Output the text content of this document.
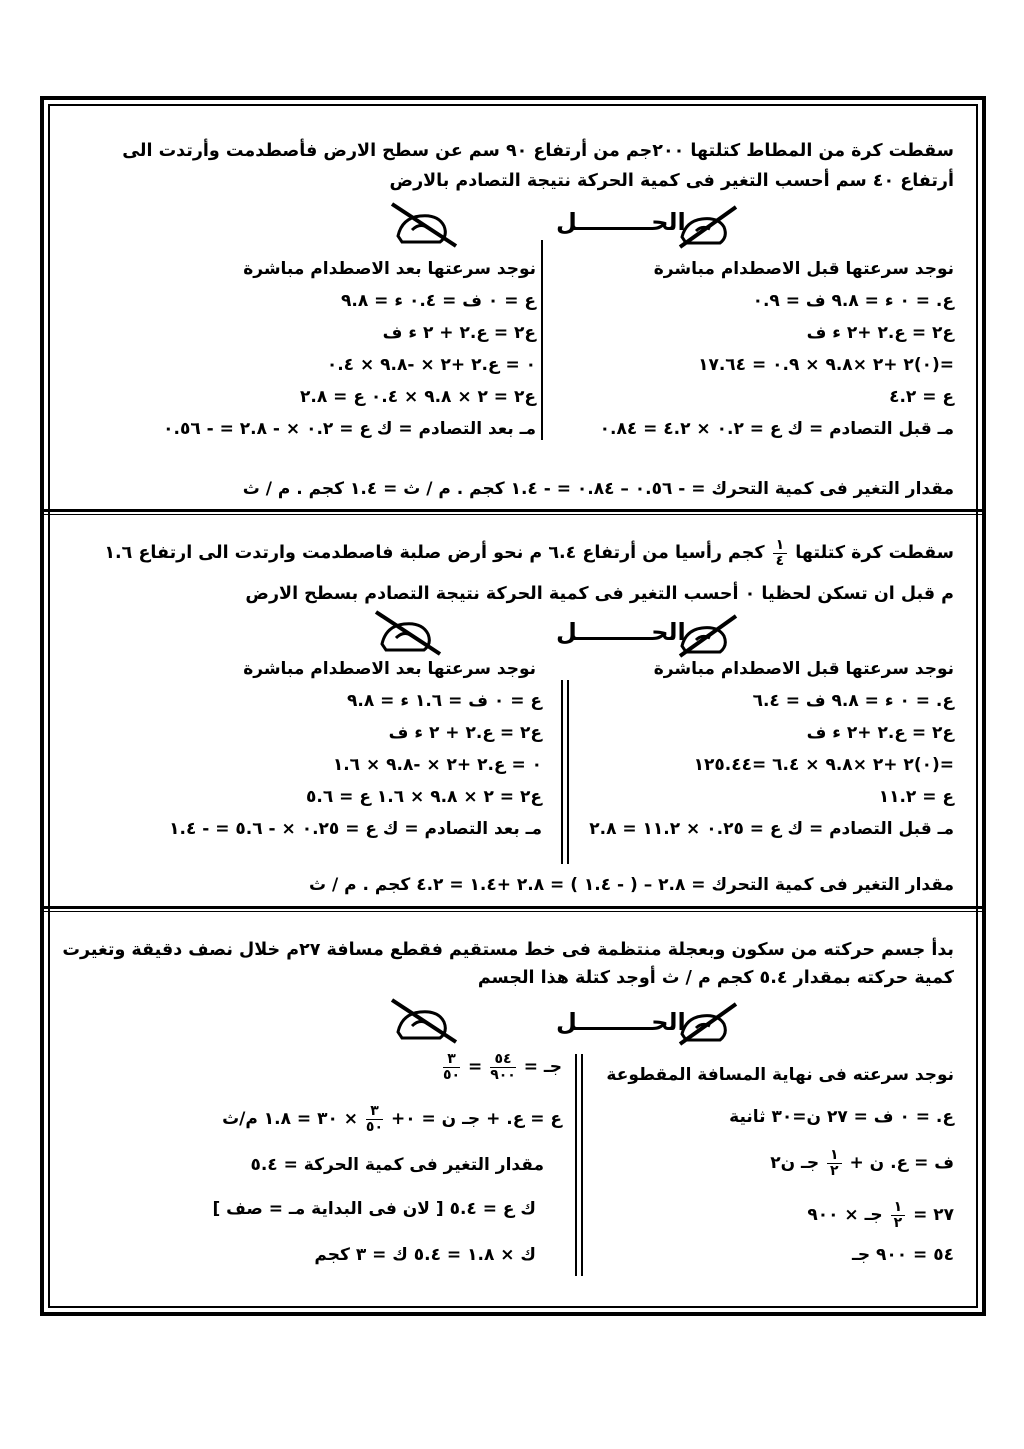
سقطت كرة من المطاط كتلتها ٢٠٠جم من أرتفاع ٩٠ سم عن سطح الارض فأصطدمت وأرتدت الى
أرتفاع ٤٠ سم أحسب التغير فى كمية الحركة نتيجة التصادم بالارض
الحـــــــــل
نوجد سرعتها قبل الاصطدام مباشرة
ع. = ٠ ء = ٩.٨ ف = ٠.٩
ع٢ = ع.٢ +٢ ء ف
=(٠)٢ +٢ ×٩.٨ × ٠.٩ = ١٧.٦٤
ع = ٤.٢
مـ قبل التصادم = ك ع = ٠.٢ × ٤.٢ = ٠.٨٤
نوجد سرعتها بعد الاصطدام مباشرة
ع = ٠ ف = ٠.٤ ء = ٩.٨
ع٢ = ع.٢ + ٢ ء ف
٠ = ع.٢ +٢ × -٩.٨ × ٠.٤
ع٢ = ٢ × ٩.٨ × ٠.٤ ع = ٢.٨
مـ بعد التصادم = ك ع = ٠.٢ × - ٢.٨ = - ٠.٥٦
مقدار التغير فى كمية التحرك = - ٠.٥٦ – ٠.٨٤ = - ١.٤ كجم . م / ث = ١.٤ كجم . م / ث
سقطت كرة كتلتها
$\frac{١}{٤}$
كجم رأسيا من أرتفاع ٦.٤ م نحو أرض صلبة فاصطدمت وارتدت الى ارتفاع ١.٦
م قبل ان تسكن لحظيا ٠ أحسب التغير فى كمية الحركة نتيجة التصادم بسطح الارض
الحـــــــــل
نوجد سرعتها قبل الاصطدام مباشرة
ع. = ٠ ء = ٩.٨ ف = ٦.٤
ع٢ = ع.٢ +٢ ء ف
=(٠)٢ +٢ ×٩.٨ × ٦.٤ =١٢٥.٤٤
ع = ١١.٢
مـ قبل التصادم = ك ع = ٠.٢٥ × ١١.٢ = ٢.٨
نوجد سرعتها بعد الاصطدام مباشرة
ع = ٠ ف = ١.٦ ء = ٩.٨
ع٢ = ع.٢ + ٢ ء ف
٠ = ع.٢ +٢ × -٩.٨ × ١.٦
ع٢ = ٢ × ٩.٨ × ١.٦ ع = ٥.٦
مـ بعد التصادم = ك ع = ٠.٢٥ × - ٥.٦ = - ١.٤
مقدار التغير فى كمية التحرك = ٢.٨ – ( - ١.٤ ) = ٢.٨ +١.٤ = ٤.٢ كجم . م / ث
بدأ جسم حركته من سكون وبعجلة منتظمة فى خط مستقيم فقطع مسافة ٢٧م خلال نصف دقيقة وتغيرت
كمية حركته بمقدار ٥.٤ كجم م / ث أوجد كتلة هذا الجسم
الحـــــــــل
نوجد سرعته فى نهاية المسافة المقطوعة
ع. = ٠ ف = ٢٧ ن=٣٠ ثانية
ف = ع. ن +
$\frac{١}{٢}$
جـ ن٢
٢٧ =
$\frac{١}{٢}$
جـ × ٩٠٠
٥٤ = ٩٠٠ جـ
جـ =
$\frac{٥٤}{٩٠٠}$
=
$\frac{٣}{٥٠}$
ع = ع. + جـ ن = ٠+
$\frac{٣}{٥٠}$
× ٣٠ = ١.٨ م/ث
مقدار التغير فى كمية الحركة = ٥.٤
ك ع = ٥.٤ [ لان فى البداية مـ = صف ]
ك × ١.٨ = ٥.٤ ك = ٣ كجم
